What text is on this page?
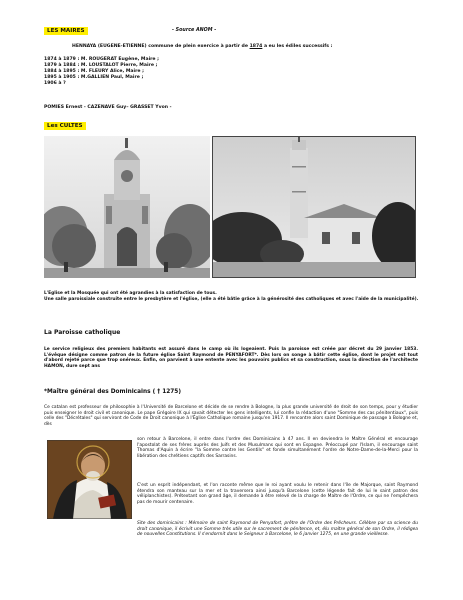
LES MAIRES	- Source ANOM -
HENNAYA (EUGENE-ETIENNE) commune de plein exercice à partir de 1874 a eu les édiles successifs :
1874 à 1879 : M. ROUGERAT Eugène, Maire ;
1879 à 1884 : M. LOUSTALOT Pierre, Maire ;
1884 à 1895 : M. FLEURY Alice, Maire ;
1895 à 1905 : M.GALLIEN Paul, Maire ;
1906 à ?
POMIES Ernest - CAZENAVE Guy– GRASSET Yvon -
Les CULTES
L'Eglise et la Mosquée qui ont été agrandies à la satisfaction de tous.
Une salle paroissiale construite entre le presbytère et l'église, (elle a été bâtie grâce à la générosité des catholiques et avec l'aide de la municipalité).
La Paroisse catholique
Le service religieux des premiers habitants est assuré dans le camp où ils logeaient. Puis la paroisse est créée par décret du 29 janvier 1853. L'évêque désigne comme patron de la future église Saint Raymond de PENYAFORT*. Dès lors on songe à bâtir cette église, dont le projet est tout d'abord rejeté parce que trop onéreux. Enfin, on parvient à une entente avec les pouvoirs publics et sa construction, sous la direction de l'architecte HAMON, dure sept ans
*Maître général des Dominicains ( † 1275)
Ce catalan est professeur de philosophie à l'Université de Barcelone et décide de se rendre à Bologne, la plus grande université de droit de son temps, pour y étudier puis enseigner le droit civil et canonique. Le pape Grégoire IX qui savait détecter les gens intelligents, lui confie la rédaction d'une "Somme des cas pénitentiaux", puis celle des "Décrétales" qui serviront de Code de Droit canonique à l'Église Catholique romaine jusqu'en 1917. Il rencontre alors saint Dominique de passage à Bologne et, dès
son retour à Barcelone, il entre dans l'ordre des Dominicains à 47 ans. Il en deviendra le Maître Général et encourage l'apostolat de ses frères auprès des Juifs et des Musulmans qui sont en Espagne. Préoccupé par l'Islam, il encourage saint Thomas d'Aquin à écrire "la Somme contre les Gentils" et fonde simultanément l'ordre de Notre-Dame-de-la-Merci pour la libération des chrétiens captifs des Sarrasins.
C'est un esprit indépendant, et l'on raconte même que le roi ayant voulu le retenir dans l'île de Majorque, saint Raymond étendra son manteau sur la mer et la traversera ainsi jusqu'à Barcelone (cette légende fait de lui le saint patron des véliplanchistes). Prétextant son grand âge, il demande à être relevé de la charge de Maître de l'Ordre, ce qui ne l'empêchera pas de mourir centenaire.
Site des dominicains : Mémoire de saint Raymond de Penyafort, prêtre de l'Ordre des Prêcheurs. Célèbre par sa science du droit canonique, il écrivit une Somme très utile sur le sacrement de pénitence, et, élu maître général de son Ordre, il rédigea de nouvelles Constitutions. Il s'endormit dans le Seigneur à Barcelone, le 6 janvier 1275, en une grande vieillesse.
